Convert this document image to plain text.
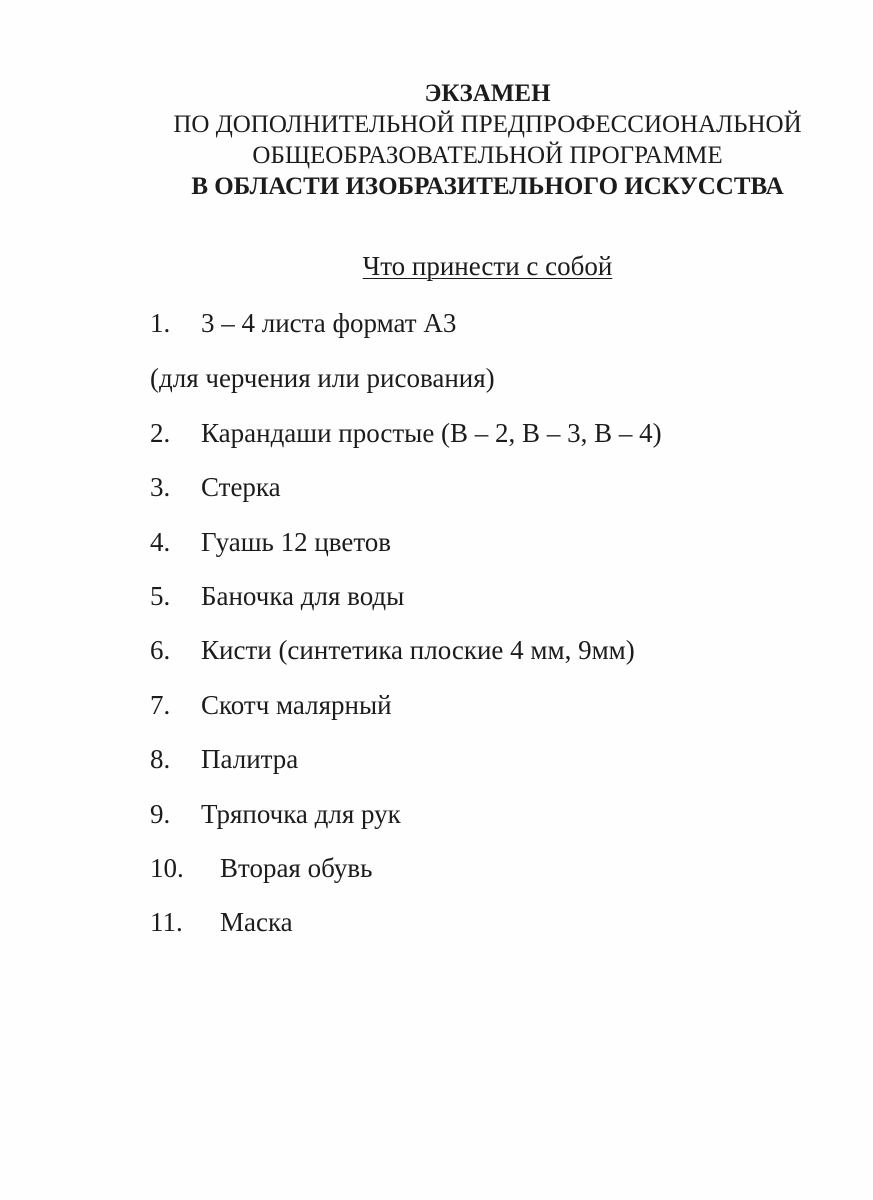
ЭКЗАМЕН
ПО ДОПОЛНИТЕЛЬНОЙ ПРЕДПРОФЕССИОНАЛЬНОЙ
ОБЩЕОБРАЗОВАТЕЛЬНОЙ ПРОГРАММЕ
В ОБЛАСТИ ИЗОБРАЗИТЕЛЬНОГО ИСКУССТВА
Что принести с собой
1. 3 – 4 листа формат А3
(для черчения или рисования)
2. Карандаши простые (В – 2, В – 3, В – 4)
3. Стерка
4. Гуашь 12 цветов
5. Баночка для воды
6. Кисти (синтетика плоские 4 мм, 9мм)
7. Скотч малярный
8. Палитра
9. Тряпочка для рук
10. Вторая обувь
11. Маска
